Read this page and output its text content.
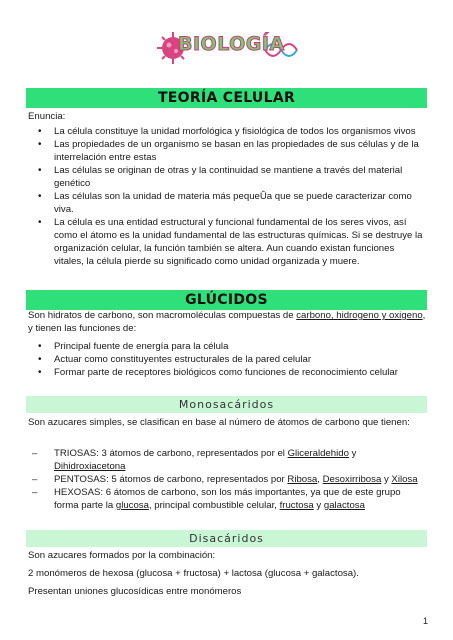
BIOLOGÍA
TEORÍA CELULAR
Enuncia:
• La célula constituye la unidad morfológica y fisiológica de todos los organismos vivos
• Las propiedades de un organismo se basan en las propiedades de sus células y de la interrelación entre estas
• Las células se originan de otras y la continuidad se mantiene a través del material genético
• Las células son la unidad de materia más pequeÛa que se puede caracterizar como viva.
• La célula es una entidad estructural y funcional fundamental de los seres vivos, así como el átomo es la unidad fundamental de las estructuras químicas. Si se destruye la organización celular, la función también se altera. Aun cuando existan funciones vitales, la célula pierde su significado como unidad organizada y muere.
GLÚCIDOS
Son hidratos de carbono, son macromoléculas compuestas de carbono, hidrogeno y oxigeno, y tienen las funciones de:
• Principal fuente de energía para la célula
• Actuar como constituyentes estructurales de la pared celular
• Formar parte de receptores biológicos como funciones de reconocimiento celular
Monosacáridos
Son azucares simples, se clasifican en base al número de átomos de carbono que tienen:
– TRIOSAS: 3 átomos de carbono, representados por el Gliceraldehido y Dihidroxiacetona
– PENTOSAS: 5 átomos de carbono, representados por Ribosa, Desoxirribosa y Xilosa
– HEXOSAS: 6 átomos de carbono, son los más importantes, ya que de este grupo forma parte la glucosa, principal combustible celular, fructosa y galactosa
Disacáridos
Son azucares formados por la combinación:
2 monómeros de hexosa (glucosa + fructosa) + lactosa (glucosa + galactosa).
Presentan uniones glucosídicas entre monómeros
1
